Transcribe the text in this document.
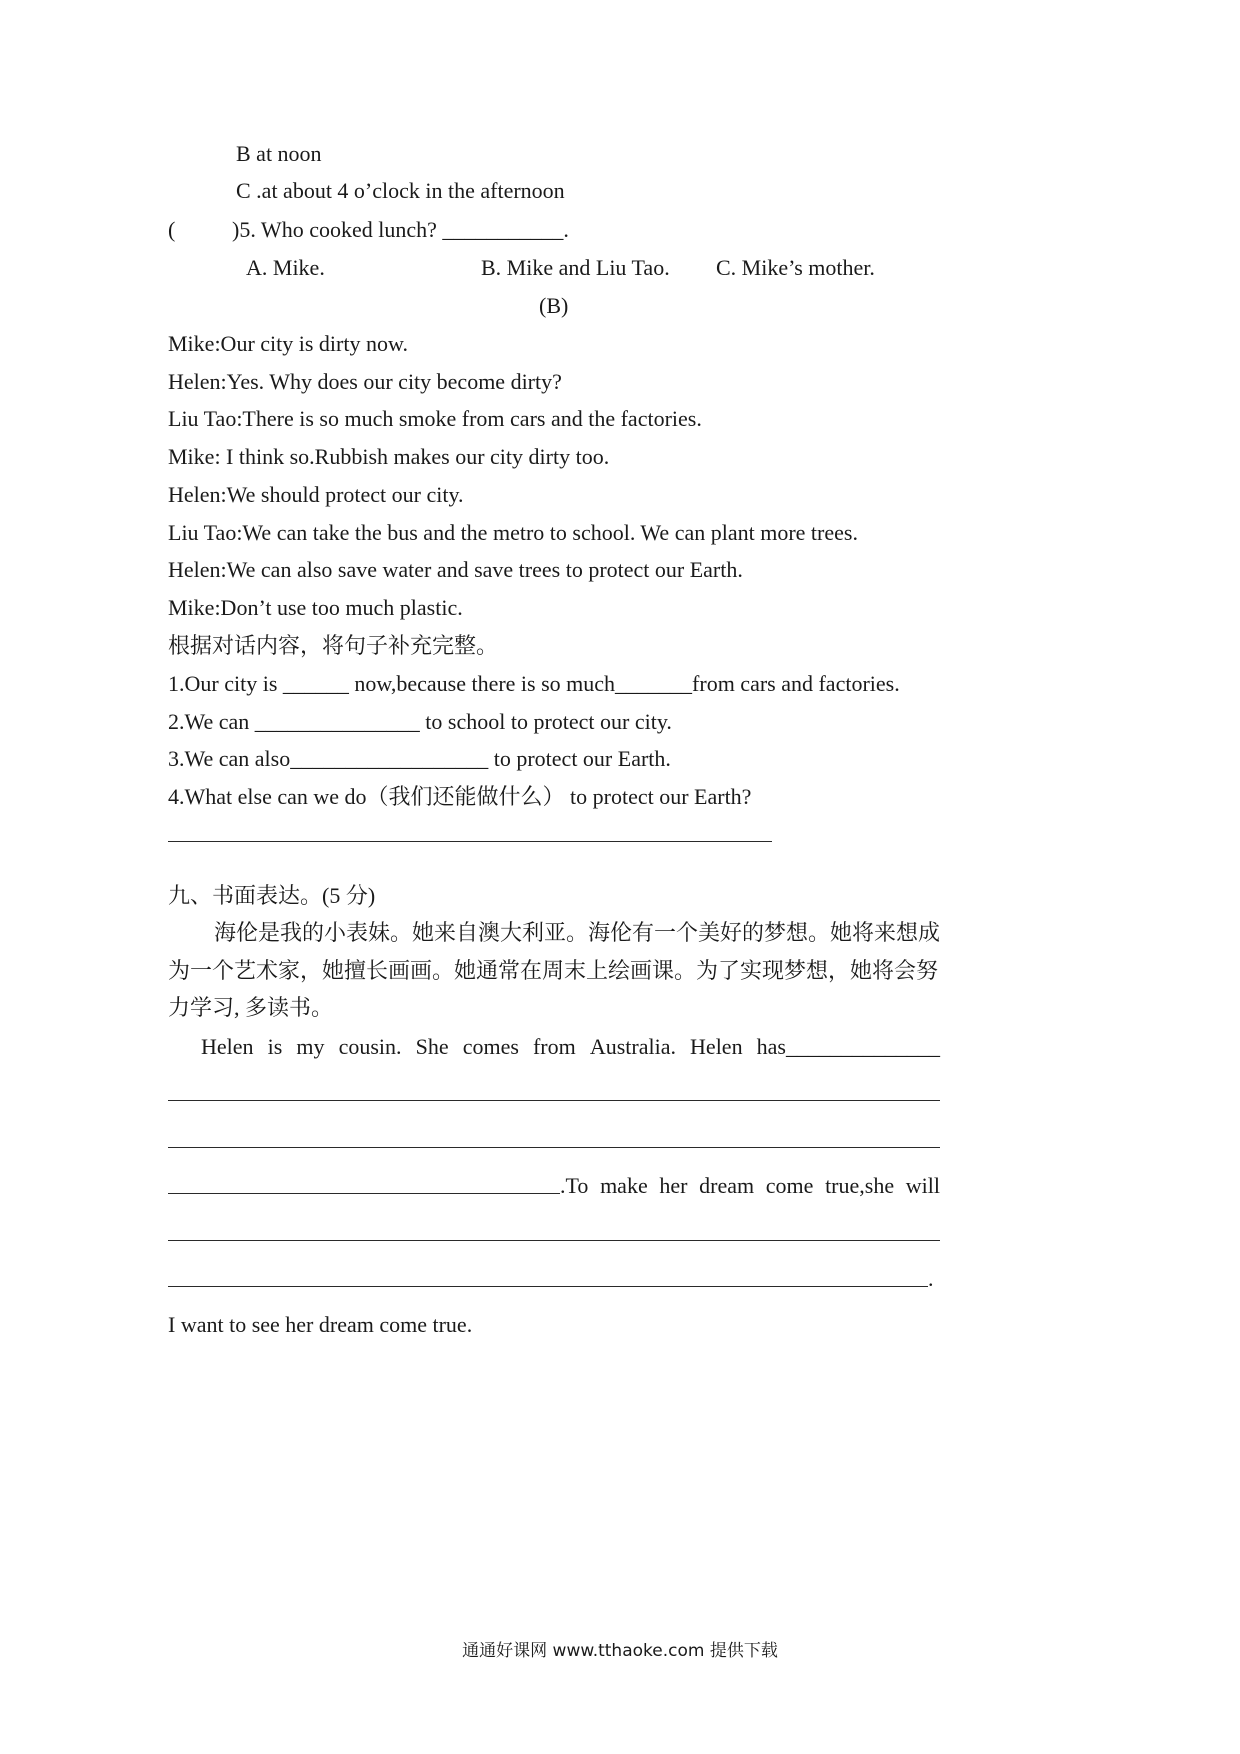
B at noon
C .at about 4 o’clock in the afternoon
(	)5. Who cooked lunch? ___________.
A. Mike.	B. Mike and Liu Tao. C. Mike’s mother.
(B)
Mike:Our city is dirty now.
Helen:Yes. Why does our city become dirty?
Liu Tao:There is so much smoke from cars and the factories.
Mike: I think so.Rubbish makes our city dirty too.
Helen:We should protect our city.
Liu Tao:We can take the bus and the metro to school. We can plant more trees.
Helen:We can also save water and save trees to protect our Earth.
Mike:Don’t use too much plastic.
根据对话内容，将句子补充完整。
1.Our city is ______ now,because there is so much_______from cars and factories.
2.We can _______________ to school to protect our city.
3.We can also__________________ to protect our Earth.
4.What else can we do（我们还能做什么） to protect our Earth?
九、书面表达。(5 分)
海伦是我的小表妹。她来自澳大利亚。海伦有一个美好的梦想。她将来想成
为一个艺术家，她擅长画画。她通常在周末上绘画课。为了实现梦想，她将会努
力学习, 多读书。
Helen is my cousin. She comes from Australia. Helen has______________
.To make her dream come true,she will
.
I want to see her dream come true.
通通好课网 www.tthaoke.com 提供下载
